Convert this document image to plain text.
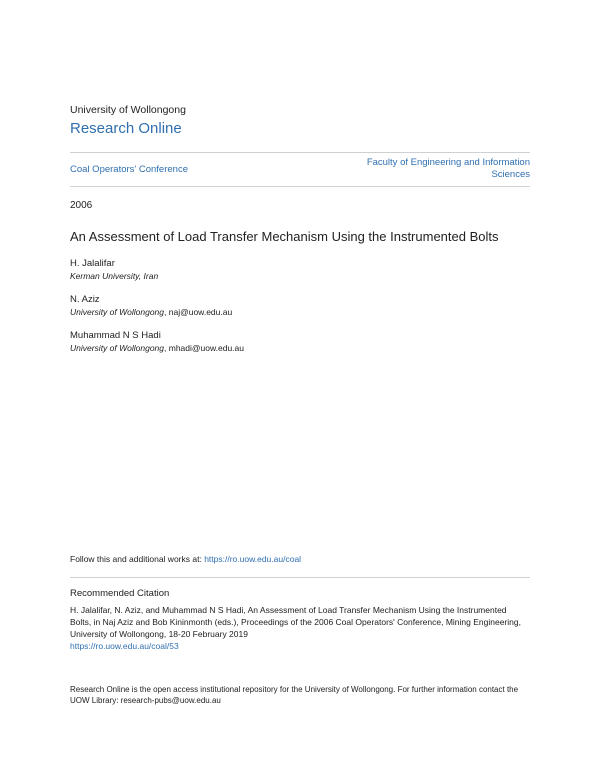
University of Wollongong
Research Online
Coal Operators' Conference
Faculty of Engineering and Information Sciences
2006
An Assessment of Load Transfer Mechanism Using the Instrumented Bolts
H. Jalalifar
Kerman University, Iran
N. Aziz
University of Wollongong, naj@uow.edu.au
Muhammad N S Hadi
University of Wollongong, mhadi@uow.edu.au
Follow this and additional works at: https://ro.uow.edu.au/coal
Recommended Citation
H. Jalalifar, N. Aziz, and Muhammad N S Hadi, An Assessment of Load Transfer Mechanism Using the Instrumented Bolts, in Naj Aziz and Bob Kininmonth (eds.), Proceedings of the 2006 Coal Operators' Conference, Mining Engineering, University of Wollongong, 18-20 February 2019
https://ro.uow.edu.au/coal/53
Research Online is the open access institutional repository for the University of Wollongong. For further information contact the UOW Library: research-pubs@uow.edu.au
